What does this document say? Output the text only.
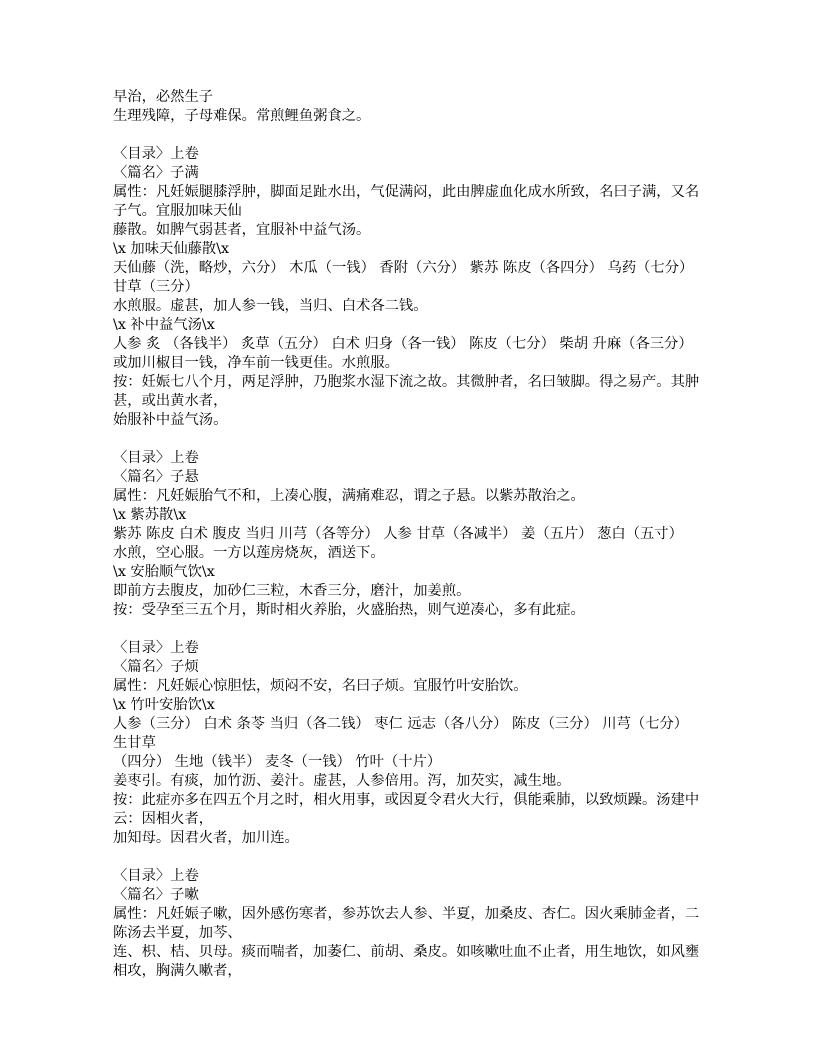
早治，必然生子
生理残障，子母难保。常煎鲤鱼粥食之。

〈目录〉上卷
〈篇名〉子满
属性：凡妊娠腿膝浮肿，脚面足趾水出，气促满闷，此由脾虚血化成水所致，名曰子满，又名
子气。宜服加味天仙
藤散。如脾气弱甚者，宜服补中益气汤。
\x 加味天仙藤散\x
天仙藤（洗，略炒，六分） 木瓜（一钱） 香附（六分） 紫苏 陈皮（各四分） 乌药（七分）
甘草（三分）
水煎服。虚甚，加人参一钱，当归、白术各二钱。
\x 补中益气汤\x
人参 炙 （各钱半） 炙草（五分） 白术 归身（各一钱） 陈皮（七分） 柴胡 升麻（各三分）
或加川椒目一钱，净车前一钱更佳。水煎服。
按：妊娠七八个月，两足浮肿，乃胞浆水湿下流之故。其微肿者，名曰皱脚。得之易产。其肿
甚，或出黄水者，
始服补中益气汤。

〈目录〉上卷
〈篇名〉子悬
属性：凡妊娠胎气不和，上凑心腹，满痛难忍，谓之子悬。以紫苏散治之。
\x 紫苏散\x
紫苏 陈皮 白术 腹皮 当归 川芎（各等分） 人参 甘草（各减半） 姜（五片） 葱白（五寸）
水煎，空心服。一方以莲房烧灰，酒送下。
\x 安胎顺气饮\x
即前方去腹皮，加砂仁三粒，木香三分，磨汁，加姜煎。
按：受孕至三五个月，斯时相火养胎，火盛胎热，则气逆凑心，多有此症。

〈目录〉上卷
〈篇名〉子烦
属性：凡妊娠心惊胆怯，烦闷不安，名曰子烦。宜服竹叶安胎饮。
\x 竹叶安胎饮\x
人参（三分） 白术 条苓 当归（各二钱） 枣仁 远志（各八分） 陈皮（三分） 川芎（七分）
生甘草
（四分） 生地（钱半） 麦冬（一钱） 竹叶（十片）
姜枣引。有痰，加竹沥、姜汁。虚甚，人参倍用。泻，加芡实，减生地。
按：此症亦多在四五个月之时，相火用事，或因夏令君火大行，俱能乘肺，以致烦躁。汤建中
云：因相火者，
加知母。因君火者，加川连。

〈目录〉上卷
〈篇名〉子嗽
属性：凡妊娠子嗽，因外感伤寒者，参苏饮去人参、半夏，加桑皮、杏仁。因火乘肺金者，二
陈汤去半夏，加芩、
连、枳、桔、贝母。痰而喘者，加萎仁、前胡、桑皮。如咳嗽吐血不止者，用生地饮，如风壅
相攻，胸满久嗽者，
